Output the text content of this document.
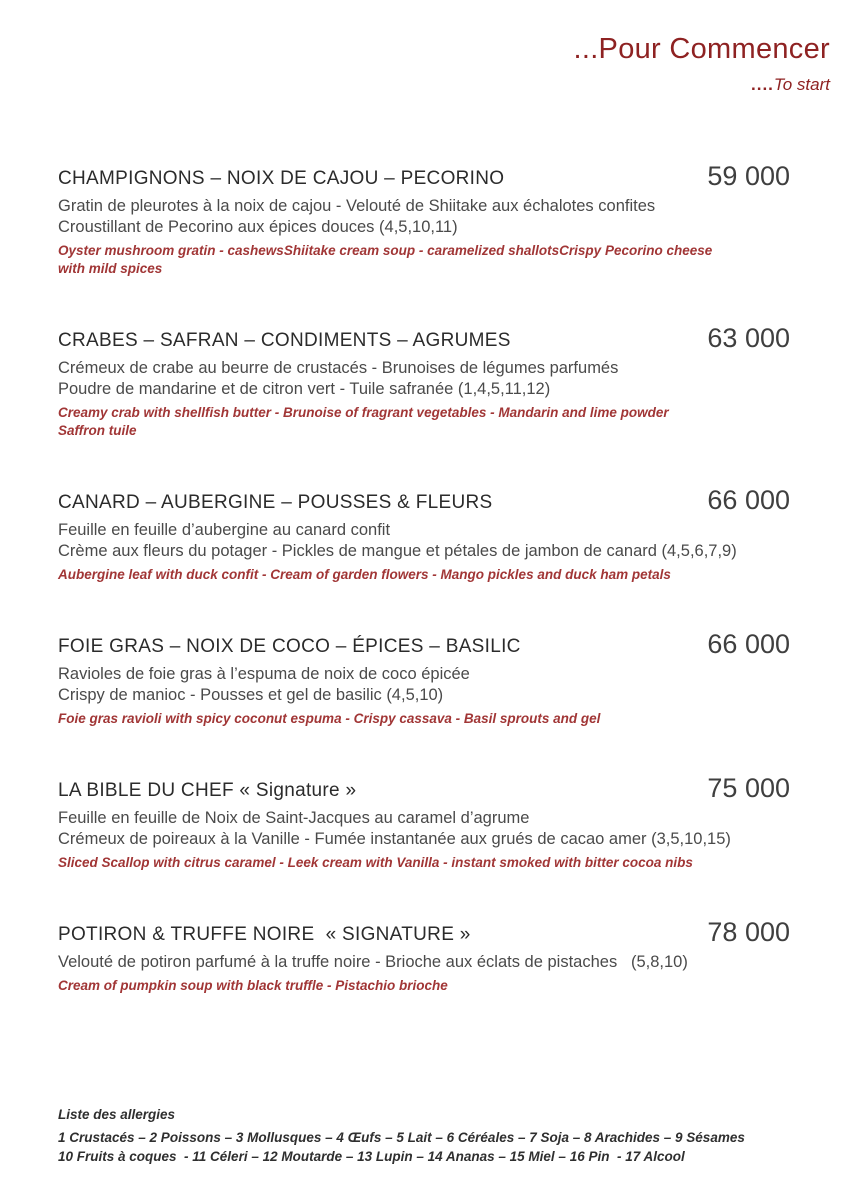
...Pour Commencer
....To start
CHAMPIGNONS – NOIX DE CAJOU – PECORINO	59 000

Gratin de pleurotes à la noix de cajou - Velouté de Shiitake aux échalotes confites

Croustillant de Pecorino aux épices douces (4,5,10,11)

Oyster mushroom gratin - cashewsShiitake cream soup - caramelized shallotsCrispy Pecorino cheese

with mild spices

CRABES – SAFRAN – CONDIMENTS – AGRUMES	63 000

Crémeux de crabe au beurre de crustacés - Brunoises de légumes parfumés

Poudre de mandarine et de citron vert - Tuile safranée (1,4,5,11,12)

Creamy crab with shellfish butter - Brunoise of fragrant vegetables - Mandarin and lime powder

Saffron tuile

CANARD – AUBERGINE – POUSSES & FLEURS	66 000

Feuille en feuille d’aubergine au canard confit

Crème aux fleurs du potager - Pickles de mangue et pétales de jambon de canard (4,5,6,7,9)

Aubergine leaf with duck confit - Cream of garden flowers - Mango pickles and duck ham petals

FOIE GRAS – NOIX DE COCO – ÉPICES – BASILIC	66 000

Ravioles de foie gras à l’espuma de noix de coco épicée

Crispy de manioc - Pousses et gel de basilic (4,5,10)

Foie gras ravioli with spicy coconut espuma - Crispy cassava - Basil sprouts and gel

LA BIBLE DU CHEF « Signature »	75 000

Feuille en feuille de Noix de Saint-Jacques au caramel d’agrume

Crémeux de poireaux à la Vanille - Fumée instantanée aux grués de cacao amer (3,5,10,15)

Sliced Scallop with citrus caramel - Leek cream with Vanilla - instant smoked with bitter cocoa nibs

POTIRON & TRUFFE NOIRE  « SIGNATURE »	78 000

Velouté de potiron parfumé à la truffe noire - Brioche aux éclats de pistaches   (5,8,10)

Cream of pumpkin soup with black truffle - Pistachio brioche

Liste des allergies
1 Crustacés – 2 Poissons – 3 Mollusques – 4 Œufs – 5 Lait – 6 Céréales – 7 Soja – 8 Arachides – 9 Sésames
10 Fruits à coques  - 11 Céleri – 12 Moutarde – 13 Lupin – 14 Ananas – 15 Miel – 16 Pin  - 17 Alcool
